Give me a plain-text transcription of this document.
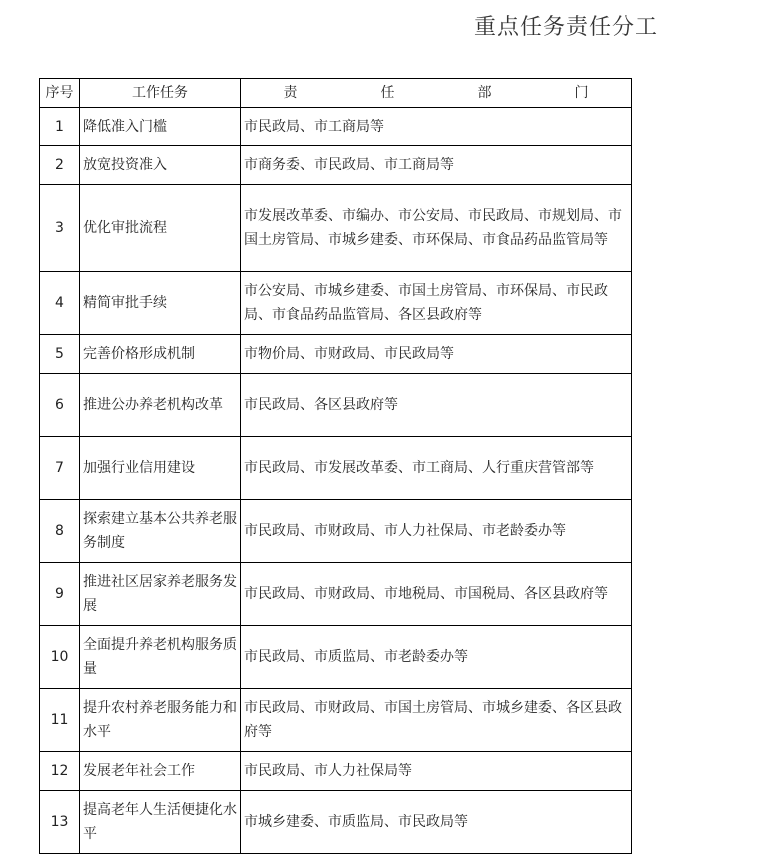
重点任务责任分工
序号	工作任务	责 任 部 门
1	降低准入门槛	市民政局、市工商局等
2	放宽投资准入	市商务委、市民政局、市工商局等
3	优化审批流程	市发展改革委、市编办、市公安局、市民政局、市规划局、市国土房管局、市城乡建委、市环保局、市食品药品监管局等
4	精简审批手续	市公安局、市城乡建委、市国土房管局、市环保局、市民政局、市食品药品监管局、各区县政府等
5	完善价格形成机制	市物价局、市财政局、市民政局等
6	推进公办养老机构改革	市民政局、各区县政府等
7	加强行业信用建设	市民政局、市发展改革委、市工商局、人行重庆营管部等
8	探索建立基本公共养老服务制度	市民政局、市财政局、市人力社保局、市老龄委办等
9	推进社区居家养老服务发展	市民政局、市财政局、市地税局、市国税局、各区县政府等
10	全面提升养老机构服务质量	市民政局、市质监局、市老龄委办等
11	提升农村养老服务能力和水平	市民政局、市财政局、市国土房管局、市城乡建委、各区县政府等
12	发展老年社会工作	市民政局、市人力社保局等
13	提高老年人生活便捷化水平	市城乡建委、市质监局、市民政局等
